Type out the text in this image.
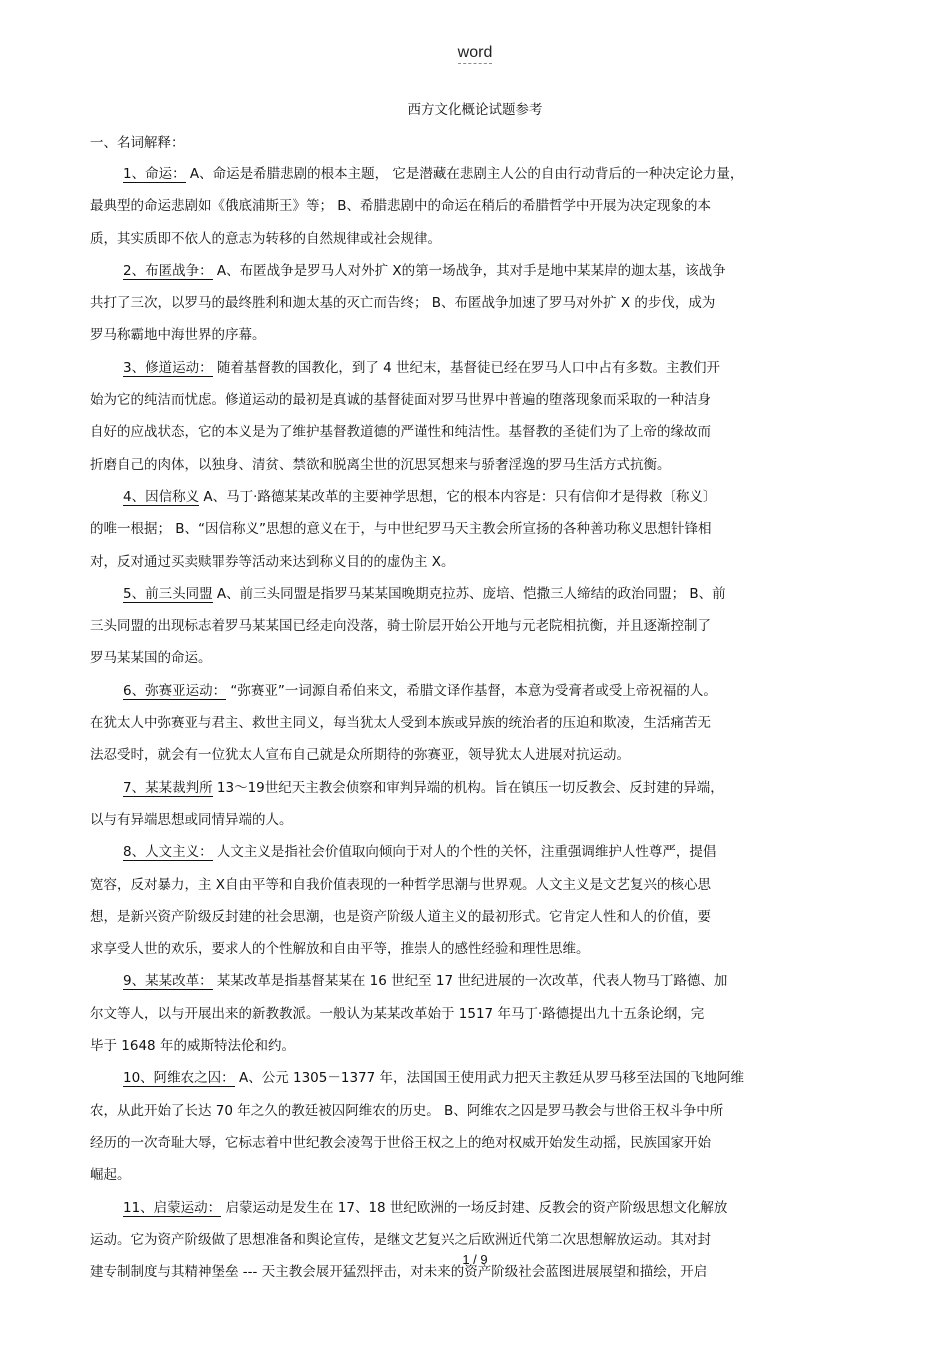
word
西方文化概论试题参考
一、名词解释：
1、命运： A、命运是希腊悲剧的根本主题， 它是潜藏在悲剧主人公的自由行动背后的一种决定论力量，
最典型的命运悲剧如《俄底浦斯王》等； B、希腊悲剧中的命运在稍后的希腊哲学中开展为决定现象的本
质，其实质即不依人的意志为转移的自然规律或社会规律。
2、布匿战争： A、布匿战争是罗马人对外扩 X的第一场战争，其对手是地中某某岸的迦太基，该战争
共打了三次，以罗马的最终胜利和迦太基的灭亡而告终； B、布匿战争加速了罗马对外扩 X 的步伐，成为
罗马称霸地中海世界的序幕。
3、修道运动： 随着基督教的国教化，到了 4 世纪末，基督徒已经在罗马人口中占有多数。主教们开
始为它的纯洁而忧虑。修道运动的最初是真诚的基督徒面对罗马世界中普遍的堕落现象而采取的一种洁身
自好的应战状态，它的本义是为了维护基督教道德的严谨性和纯洁性。基督教的圣徒们为了上帝的缘故而
折磨自己的肉体，以独身、清贫、禁欲和脱离尘世的沉思冥想来与骄奢淫逸的罗马生活方式抗衡。
4、因信称义 A、马丁·路德某某改革的主要神学思想，它的根本内容是：只有信仰才是得救〔称义〕
的唯一根据； B、“因信称义”思想的意义在于，与中世纪罗马天主教会所宣扬的各种善功称义思想针锋相
对，反对通过买卖赎罪券等活动来达到称义目的的虚伪主 X。
5、前三头同盟 A、前三头同盟是指罗马某某国晚期克拉苏、庞培、恺撒三人缔结的政治同盟； B、前
三头同盟的出现标志着罗马某某国已经走向没落，骑士阶层开始公开地与元老院相抗衡，并且逐渐控制了
罗马某某国的命运。
6、弥赛亚运动： “弥赛亚”一词源自希伯来文，希腊文译作基督，本意为受膏者或受上帝祝福的人。
在犹太人中弥赛亚与君主、救世主同义，每当犹太人受到本族或异族的统治者的压迫和欺凌，生活痛苦无
法忍受时，就会有一位犹太人宣布自己就是众所期待的弥赛亚，领导犹太人进展对抗运动。
7、某某裁判所 13～19世纪天主教会侦察和审判异端的机构。旨在镇压一切反教会、反封建的异端，
以与有异端思想或同情异端的人。
8、人文主义： 人文主义是指社会价值取向倾向于对人的个性的关怀，注重强调维护人性尊严，提倡
宽容，反对暴力，主 X自由平等和自我价值表现的一种哲学思潮与世界观。人文主义是文艺复兴的核心思
想，是新兴资产阶级反封建的社会思潮，也是资产阶级人道主义的最初形式。它肯定人性和人的价值，要
求享受人世的欢乐，要求人的个性解放和自由平等，推崇人的感性经验和理性思维。
9、某某改革： 某某改革是指基督某某在 16 世纪至 17 世纪进展的一次改革，代表人物马丁路德、加
尔文等人，以与开展出来的新教教派。一般认为某某改革始于 1517 年马丁·路德提出九十五条论纲，完
毕于 1648 年的威斯特法伦和约。
10、阿维农之囚： A、公元 1305－1377 年，法国国王使用武力把天主教廷从罗马移至法国的飞地阿维
农，从此开始了长达 70 年之久的教廷被囚阿维农的历史。 B、阿维农之囚是罗马教会与世俗王权斗争中所
经历的一次奇耻大辱，它标志着中世纪教会凌驾于世俗王权之上的绝对权威开始发生动摇，民族国家开始
崛起。
11、启蒙运动： 启蒙运动是发生在 17、18 世纪欧洲的一场反封建、反教会的资产阶级思想文化解放
运动。它为资产阶级做了思想准备和舆论宣传，是继文艺复兴之后欧洲近代第二次思想解放运动。其对封
建专制制度与其精神堡垒 --- 天主教会展开猛烈抨击，对未来的资产阶级社会蓝图进展展望和描绘，开启
1 / 9
